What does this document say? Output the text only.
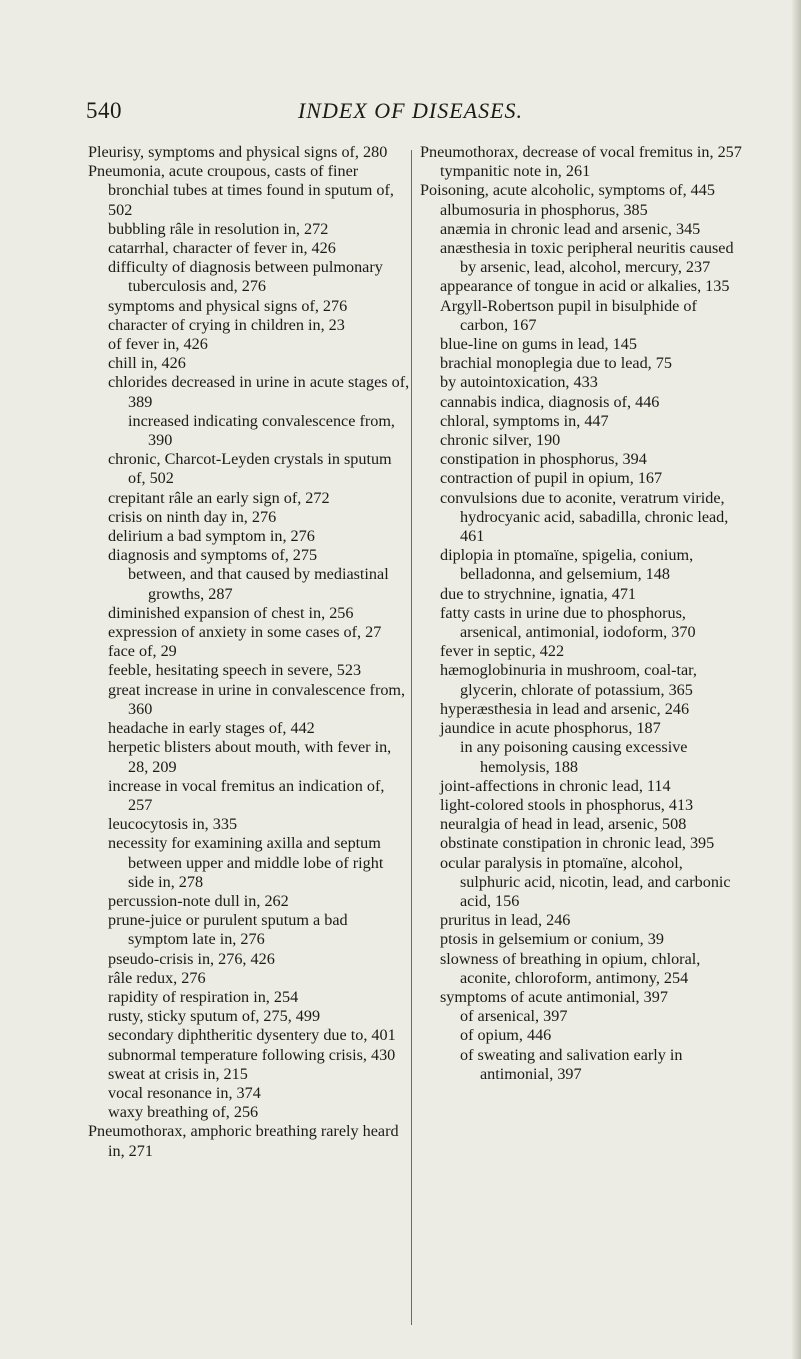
540	INDEX OF DISEASES.
Pleurisy, symptoms and physical signs of, 280
Pneumonia, acute croupous, casts of finer bronchial tubes at times found in sputum of, 502
bubbling râle in resolution in, 272
catarrhal, character of fever in, 426
difficulty of diagnosis between pulmonary tuberculosis and, 276
symptoms and physical signs of, 276
character of crying in children in, 23
of fever in, 426
chill in, 426
chlorides decreased in urine in acute stages of, 389
increased indicating convalescence from, 390
chronic, Charcot-Leyden crystals in sputum of, 502
crepitant râle an early sign of, 272
crisis on ninth day in, 276
delirium a bad symptom in, 276
diagnosis and symptoms of, 275
between, and that caused by mediastinal growths, 287
diminished expansion of chest in, 256
expression of anxiety in some cases of, 27
face of, 29
feeble, hesitating speech in severe, 523
great increase in urine in convalescence from, 360
headache in early stages of, 442
herpetic blisters about mouth, with fever in, 28, 209
increase in vocal fremitus an indication of, 257
leucocytosis in, 335
necessity for examining axilla and septum between upper and middle lobe of right side in, 278
percussion-note dull in, 262
prune-juice or purulent sputum a bad symptom late in, 276
pseudo-crisis in, 276, 426
râle redux, 276
rapidity of respiration in, 254
rusty, sticky sputum of, 275, 499
secondary diphtheritic dysentery due to, 401
subnormal temperature following crisis, 430
sweat at crisis in, 215
vocal resonance in, 374
waxy breathing of, 256
Pneumothorax, amphoric breathing rarely heard in, 271
Pneumothorax, decrease of vocal fremitus in, 257
tympanitic note in, 261
Poisoning, acute alcoholic, symptoms of, 445
albumosuria in phosphorus, 385
anæmia in chronic lead and arsenic, 345
anæsthesia in toxic peripheral neuritis caused by arsenic, lead, alcohol, mercury, 237
appearance of tongue in acid or alkalies, 135
Argyll-Robertson pupil in bisulphide of carbon, 167
blue-line on gums in lead, 145
brachial monoplegia due to lead, 75
by autointoxication, 433
cannabis indica, diagnosis of, 446
chloral, symptoms in, 447
chronic silver, 190
constipation in phosphorus, 394
contraction of pupil in opium, 167
convulsions due to aconite, veratrum viride, hydrocyanic acid, sabadilla, chronic lead, 461
diplopia in ptomaïne, spigelia, conium, belladonna, and gelsemium, 148
due to strychnine, ignatia, 471
fatty casts in urine due to phosphorus, arsenical, antimonial, iodoform, 370
fever in septic, 422
hæmoglobinuria in mushroom, coal-tar, glycerin, chlorate of potassium, 365
hyperæsthesia in lead and arsenic, 246
jaundice in acute phosphorus, 187
in any poisoning causing excessive hemolysis, 188
joint-affections in chronic lead, 114
light-colored stools in phosphorus, 413
neuralgia of head in lead, arsenic, 508
obstinate constipation in chronic lead, 395
ocular paralysis in ptomaïne, alcohol, sulphuric acid, nicotin, lead, and carbonic acid, 156
pruritus in lead, 246
ptosis in gelsemium or conium, 39
slowness of breathing in opium, chloral, aconite, chloroform, antimony, 254
symptoms of acute antimonial, 397
of arsenical, 397
of opium, 446
of sweating and salivation early in antimonial, 397
